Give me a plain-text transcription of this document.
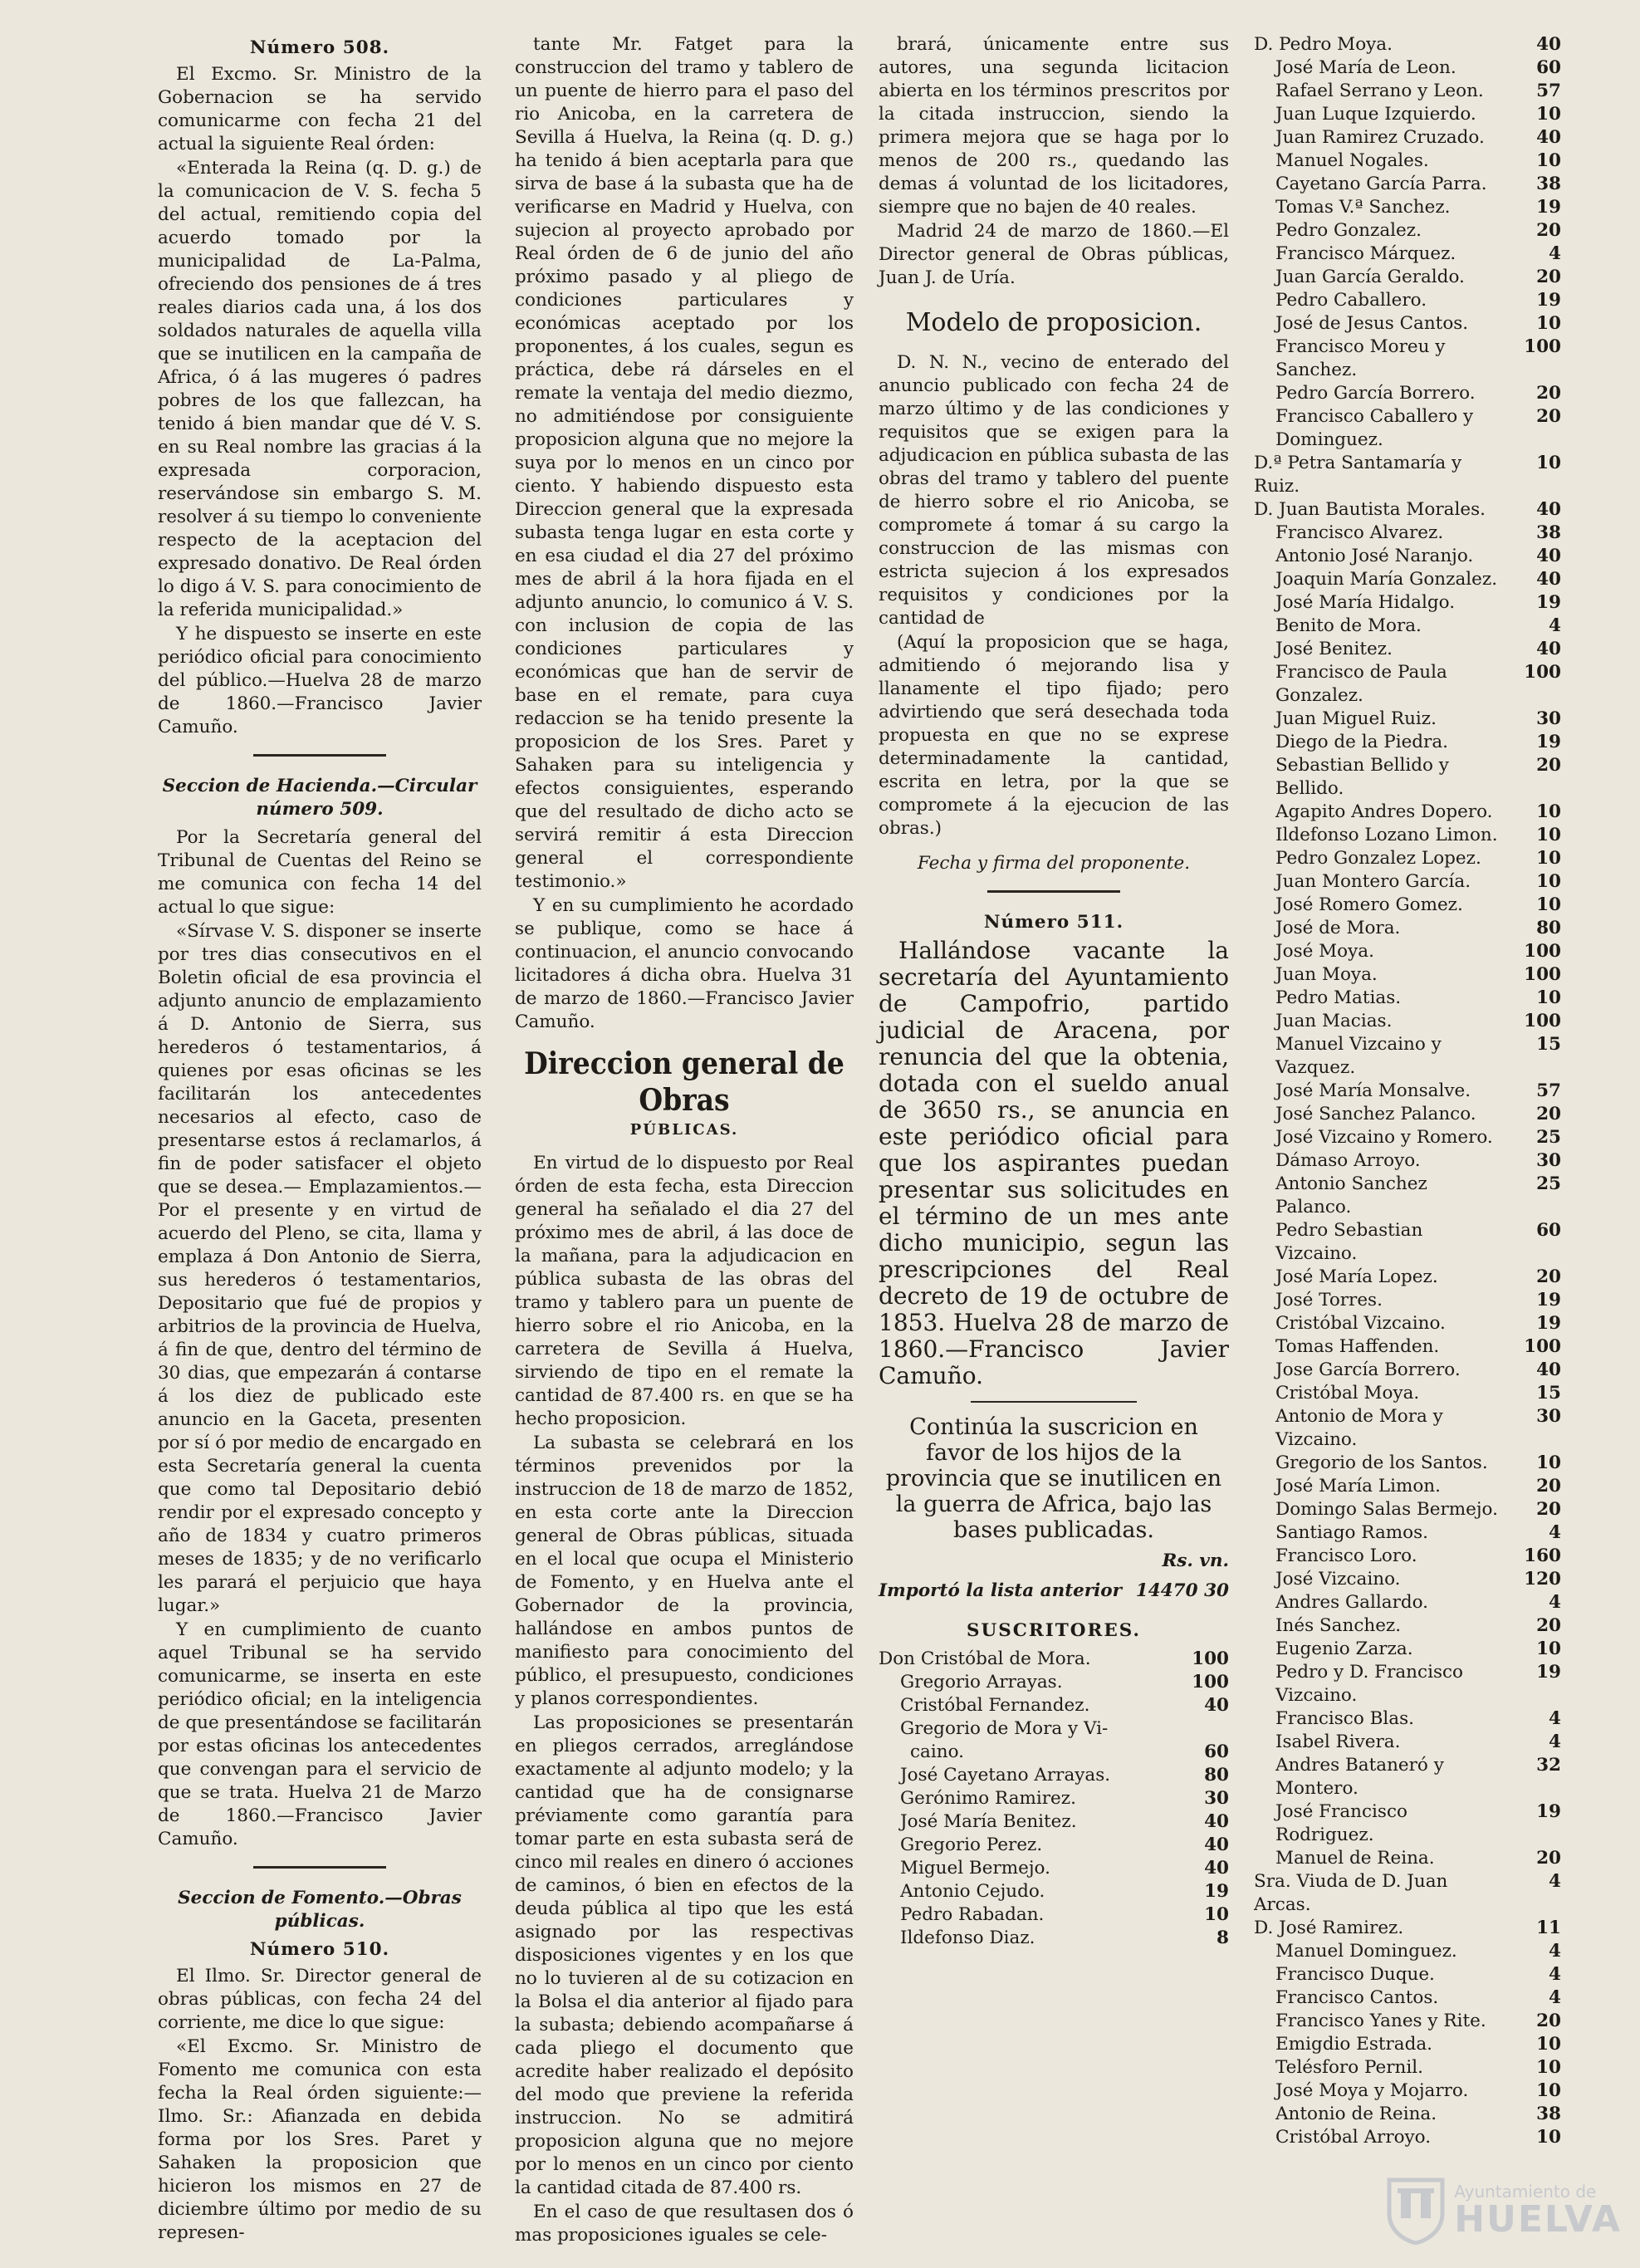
Número 508.

El Excmo. Sr. Ministro de la Gobernacion se ha servido comunicarme con fecha 21 del actual la siguiente Real órden:

«Enterada la Reina (q. D. g.) de la comunicacion de V. S. fecha 5 del actual, remitiendo copia del acuerdo tomado por la municipalidad de La-Palma, ofreciendo dos pensiones de á tres reales diarios cada una, á los dos soldados naturales de aquella villa que se inutilicen en la campaña de Africa, ó á las mugeres ó padres pobres de los que fallezcan, ha tenido á bien mandar que dé V. S. en su Real nombre las gracias á la expresada corporacion, reservándose sin embargo S. M. resolver á su tiempo lo conveniente respecto de la aceptacion del expresado donativo. De Real órden lo digo á V. S. para conocimiento de la referida municipalidad.»

Y he dispuesto se inserte en este periódico oficial para conocimiento del público.—Huelva 28 de marzo de 1860.—Francisco Javier Camuño.

Seccion de Hacienda.—Circular número 509.

Por la Secretaría general del Tribunal de Cuentas del Reino se me comunica con fecha 14 del actual lo que sigue:

«Sírvase V. S. disponer se inserte por tres dias consecutivos en el Boletin oficial de esa provincia el adjunto anuncio de emplazamiento á D. Antonio de Sierra, sus herederos ó testamentarios, á quienes por esas oficinas se les facilitarán los antecedentes necesarios al efecto, caso de presentarse estos á reclamarlos, á fin de poder satisfacer el objeto que se desea.— Emplazamientos.—Por el presente y en virtud de acuerdo del Pleno, se cita, llama y emplaza á Don Antonio de Sierra, sus herederos ó testamentarios, Depositario que fué de propios y arbitrios de la provincia de Huelva, á fin de que, dentro del término de 30 dias, que empezarán á contarse á los diez de publicado este anuncio en la Gaceta, presenten por sí ó por medio de encargado en esta Secretaría general la cuenta que como tal Depositario debió rendir por el expresado concepto y año de 1834 y cuatro primeros meses de 1835; y de no verificarlo les parará el perjuicio que haya lugar.»

Y en cumplimiento de cuanto aquel Tribunal se ha servido comunicarme, se inserta en este periódico oficial; en la inteligencia de que presentándose se facilitarán por estas oficinas los antecedentes que convengan para el servicio de que se trata. Huelva 21 de Marzo de 1860.—Francisco Javier Camuño.

Seccion de Fomento.—Obras públicas.
Número 510.

El Ilmo. Sr. Director general de obras públicas, con fecha 24 del corriente, me dice lo que sigue:

«El Excmo. Sr. Ministro de Fomento me comunica con esta fecha la Real órden siguiente:—Ilmo. Sr.: Afianzada en debida forma por los Sres. Paret y Sahaken la proposicion que hicieron los mismos en 27 de diciembre último por medio de su represen-

tante Mr. Fatget para la construccion del tramo y tablero de un puente de hierro para el paso del rio Anicoba, en la carretera de Sevilla á Huelva, la Reina (q. D. g.) ha tenido á bien aceptarla para que sirva de base á la subasta que ha de verificarse en Madrid y Huelva, con sujecion al proyecto aprobado por Real órden de 6 de junio del año próximo pasado y al pliego de condiciones particulares y económicas aceptado por los proponentes, á los cuales, segun es práctica, debe rá dárseles en el remate la ventaja del medio diezmo, no admitiéndose por consiguiente proposicion alguna que no mejore la suya por lo menos en un cinco por ciento. Y habiendo dispuesto esta Direccion general que la expresada subasta tenga lugar en esta corte y en esa ciudad el dia 27 del próximo mes de abril á la hora fijada en el adjunto anuncio, lo comunico á V. S. con inclusion de copia de las condiciones particulares y económicas que han de servir de base en el remate, para cuya redaccion se ha tenido presente la proposicion de los Sres. Paret y Sahaken para su inteligencia y efectos consiguientes, esperando que del resultado de dicho acto se servirá remitir á esta Direccion general el correspondiente testimonio.»

Y en su cumplimiento he acordado se publique, como se hace á continuacion, el anuncio convocando licitadores á dicha obra. Huelva 31 de marzo de 1860.—Francisco Javier Camuño.

Direccion general de Obras
PÚBLICAS.

En virtud de lo dispuesto por Real órden de esta fecha, esta Direccion general ha señalado el dia 27 del próximo mes de abril, á las doce de la mañana, para la adjudicacion en pública subasta de las obras del tramo y tablero para un puente de hierro sobre el rio Anicoba, en la carretera de Sevilla á Huelva, sirviendo de tipo en el remate la cantidad de 87.400 rs. en que se ha hecho proposicion.

La subasta se celebrará en los términos prevenidos por la instruccion de 18 de marzo de 1852, en esta corte ante la Direccion general de Obras públicas, situada en el local que ocupa el Ministerio de Fomento, y en Huelva ante el Gobernador de la provincia, hallándose en ambos puntos de manifiesto para conocimiento del público, el presupuesto, condiciones y planos correspondientes.

Las proposiciones se presentarán en pliegos cerrados, arreglándose exactamente al adjunto modelo; y la cantidad que ha de consignarse préviamente como garantía para tomar parte en esta subasta será de cinco mil reales en dinero ó acciones de caminos, ó bien en efectos de la deuda pública al tipo que les está asignado por las respectivas disposiciones vigentes y en los que no lo tuvieren al de su cotizacion en la Bolsa el dia anterior al fijado para la subasta; debiendo acompañarse á cada pliego el documento que acredite haber realizado el depósito del modo que previene la referida instruccion. No se admitirá proposicion alguna que no mejore por lo menos en un cinco por ciento la cantidad citada de 87.400 rs.

En el caso de que resultasen dos ó mas proposiciones iguales se cele-

brará, únicamente entre sus autores, una segunda licitacion abierta en los términos prescritos por la citada instruccion, siendo la primera mejora que se haga por lo menos de 200 rs., quedando las demas á voluntad de los licitadores, siempre que no bajen de 40 reales.

Madrid 24 de marzo de 1860.—El Director general de Obras públicas, Juan J. de Uría.

Modelo de proposicion.

D. N. N., vecino de enterado del anuncio publicado con fecha 24 de marzo último y de las condiciones y requisitos que se exigen para la adjudicacion en pública subasta de las obras del tramo y tablero del puente de hierro sobre el rio Anicoba, se compromete á tomar á su cargo la construccion de las mismas con estricta sujecion á los expresados requisitos y condiciones por la cantidad de

(Aquí la proposicion que se haga, admitiendo ó mejorando lisa y llanamente el tipo fijado; pero advirtiendo que será desechada toda propuesta en que no se exprese determinadamente la cantidad, escrita en letra, por la que se compromete á la ejecucion de las obras.)

Fecha y firma del proponente.
Número 511.

Hallándose vacante la secretaría del Ayuntamiento de Campofrio, partido judicial de Aracena, por renuncia del que la obtenia, dotada con el sueldo anual de 3650 rs., se anuncia en este periódico oficial para que los aspirantes puedan presentar sus solicitudes en el término de un mes ante dicho municipio, segun las prescripciones del Real decreto de 19 de octubre de 1853. Huelva 28 de marzo de 1860.—Francisco Javier Camuño.

Continúa la suscricion en favor de los hijos de la provincia que se inutilicen en la guerra de Africa, bajo las bases publicadas.
Rs. vn.
Importó la lista anterior 14470 30
SUSCRITORES.
Don Cristóbal de Mora.	100
Gregorio Arrayas.	100
Cristóbal Fernandez.	40
Gregorio de Mora y Vi-
caino.	60
José Cayetano Arrayas.	80
Gerónimo Ramirez.	30
José María Benitez.	40
Gregorio Perez.	40
Miguel Bermejo.	40
Antonio Cejudo.	19
Pedro Rabadan.	10
Ildefonso Diaz.	8
D. Pedro Moya.	40
José María de Leon.	60
Rafael Serrano y Leon.	57
Juan Luque Izquierdo.	10
Juan Ramirez Cruzado.	40
Manuel Nogales.	10
Cayetano García Parra.	38
Tomas V.ª Sanchez.	19
Pedro Gonzalez.	20
Francisco Márquez.	4
Juan García Geraldo.	20
Pedro Caballero.	19
José de Jesus Cantos.	10
Francisco Moreu y Sanchez.
100
Pedro García Borrero.	20
Francisco Caballero y Dominguez.
20
D.ª Petra Santamaría y Ruiz.
10
D. Juan Bautista Morales.	40
Francisco Alvarez.	38
Antonio José Naranjo.	40
Joaquin María Gonzalez.	40
José María Hidalgo.	19
Benito de Mora.	4
José Benitez.	40
Francisco de Paula Gonzalez.
100
Juan Miguel Ruiz.	30
Diego de la Piedra.	19
Sebastian Bellido y Bellido.
20
Agapito Andres Dopero.	10
Ildefonso Lozano Limon.	10
Pedro Gonzalez Lopez.	10
Juan Montero García.	10
José Romero Gomez.	10
José de Mora.	80
José Moya.	100
Juan Moya.	100
Pedro Matias.	10
Juan Macias.	100
Manuel Vizcaino y Vazquez.
15
José María Monsalve.	57
José Sanchez Palanco.	20
José Vizcaino y Romero.	25
Dámaso Arroyo.	30
Antonio Sanchez Palanco.
25
Pedro Sebastian Vizcaino.
60
José María Lopez.	20
José Torres.	19
Cristóbal Vizcaino.	19
Tomas Haffenden.	100
Jose García Borrero.	40
Cristóbal Moya.	15
Antonio de Mora y Vizcaino.
30
Gregorio de los Santos.	10
José María Limon.	20
Domingo Salas Bermejo.	20
Santiago Ramos.	4
Francisco Loro.	160
José Vizcaino.	120
Andres Gallardo.	4
Inés Sanchez.	20
Eugenio Zarza.	10
Pedro y D. Francisco Vizcaino.
19
Francisco Blas.	4
Isabel Rivera.	4
Andres Bataneró y Montero.
32
José Francisco Rodriguez.
19
Manuel de Reina.	20
Sra. Viuda de D. Juan Arcas.
4
D. José Ramirez.	11
Manuel Dominguez.	4
Francisco Duque.	4
Francisco Cantos.	4
Francisco Yanes y Rite.	20
Emigdio Estrada.	10
Telésforo Pernil.	10
José Moya y Mojarro.	10
Antonio de Reina.	38
Cristóbal Arroyo.	10
Ayuntamiento de
HUELVA
